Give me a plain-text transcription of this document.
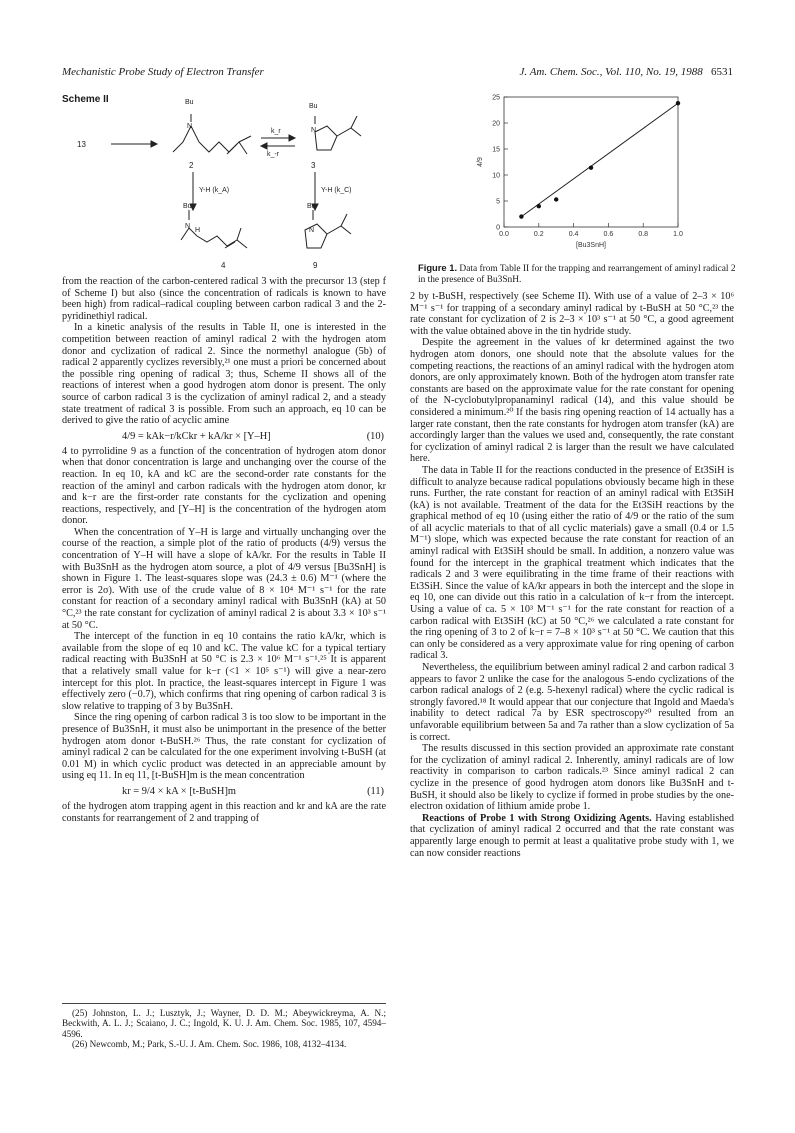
Mechanistic Probe Study of Electron Transfer	J. Am. Chem. Soc., Vol. 110, No. 19, 1988 6531
Scheme II
13
Bu
N
2
k_r
k_-r
Bu
N
3
Y-H (k_A)	Y-H (k_C)
Bu
N
H
4
Bu
N
9
0
5
10
15
20
25
0.0	0.2	0.4	0.6	0.8	1.0
[Bu3SnH]
4/9
Figure 1. Data from Table II for the trapping and rearrangement of aminyl radical 2 in the presence of Bu3SnH.

from the reaction of the carbon-centered radical 3 with the precursor 13 (step f of Scheme I) but also (since the concentration of radicals is known to have been high) from radical–radical coupling between carbon radical 3 and the 2-pyridinethiyl radical.

In a kinetic analysis of the results in Table II, one is interested in the competition between reaction of aminyl radical 2 with the hydrogen atom donor and cyclization of radical 2. Since the normethyl analogue (5b) of radical 2 apparently cyclizes reversibly,²¹ one must a priori be concerned about the possible ring opening of radical 3; thus, Scheme II shows all of the reactions of interest when a good hydrogen atom donor is present. The only source of carbon radical 3 is the cyclization of aminyl radical 2, and a steady state treatment of radical 3 is possible. From such an approach, eq 10 can be derived to give the ratio of acyclic amine

4/9 = kAk−r/kCkr + kA/kr × [Y–H]	(10)

4 to pyrrolidine 9 as a function of the concentration of hydrogen atom donor when that donor concentration is large and unchanging over the course of the reaction. In eq 10, kA and kC are the second-order rate constants for the reaction of the aminyl and carbon radicals with the hydrogen atom donor, kr and k−r are the first-order rate constants for the cyclization and opening reactions, respectively, and [Y–H] is the concentration of the hydrogen atom donor.

When the concentration of Y–H is large and virtually unchanging over the course of the reaction, a simple plot of the ratio of products (4/9) versus the concentration of Y–H will have a slope of kA/kr. For the results in Table II with Bu3SnH as the hydrogen atom source, a plot of 4/9 versus [Bu3SnH] is shown in Figure 1. The least-squares slope was (24.3 ± 0.6) M⁻¹ (where the error is 2σ). With use of the crude value of 8 × 10⁴ M⁻¹ s⁻¹ for the rate constant for reaction of a secondary aminyl radical with Bu3SnH (kA) at 50 °C,²³ the rate constant for cyclization of aminyl radical 2 is about 3.3 × 10³ s⁻¹ at 50 °C.

The intercept of the function in eq 10 contains the ratio kA/kr, which is available from the slope of eq 10 and kC. The value kC for a typical tertiary radical reacting with Bu3SnH at 50 °C is 2.3 × 10⁶ M⁻¹ s⁻¹.²⁵ It is apparent that a relatively small value for k−r (<1 × 10⁵ s⁻¹) will give a near-zero intercept for this plot. In practice, the least-squares intercept in Figure 1 was effectively zero (−0.7), which confirms that ring opening of carbon radical 3 is slow relative to trapping of 3 by Bu3SnH.

Since the ring opening of carbon radical 3 is too slow to be important in the presence of Bu3SnH, it must also be unimportant in the presence of the better hydrogen atom donor t-BuSH.²⁶ Thus, the rate constant for cyclization of aminyl radical 2 can be calculated for the one experiment involving t-BuSH (at 0.01 M) in which cyclic product was detected in an appreciable amount by using eq 11. In eq 11, [t-BuSH]m is the mean concentration

kr = 9/4 × kA × [t-BuSH]m	(11)

of the hydrogen atom trapping agent in this reaction and kr and kA are the rate constants for rearrangement of 2 and trapping of

2 by t-BuSH, respectively (see Scheme II). With use of a value of 2–3 × 10⁶ M⁻¹ s⁻¹ for trapping of a secondary aminyl radical by t-BuSH at 50 °C,²³ the rate constant for cyclization of 2 is 2–3 × 10³ s⁻¹ at 50 °C, a good agreement with the value obtained above in the tin hydride study.

Despite the agreement in the values of kr determined against the two hydrogen atom donors, one should note that the absolute values for the competing reactions, the reactions of an aminyl radical with the hydrogen atom donors, are only approximately known. Both of the hydrogen atom transfer rate constants are based on the approximate value for the rate constant for opening of the N-cyclobutylpropanaminyl radical (14), and this value should be considered a minimum.²⁰ If the basis ring opening reaction of 14 actually has a larger rate constant, then the rate constants for hydrogen atom transfer (kA) are accordingly larger than the values we used and, consequently, the rate constant for cyclization of aminyl radical 2 is larger than the result we have calculated here.

The data in Table II for the reactions conducted in the presence of Et3SiH is difficult to analyze because radical populations obviously became high in these runs. Further, the rate constant for reaction of an aminyl radical with Et3SiH (kA) is not available. Treatment of the data for the Et3SiH reactions by the graphical method of eq 10 (using either the ratio of 4/9 or the ratio of the sum of all acyclic materials to that of all cyclic materials) gave a small (0.4 or 1.5 M⁻¹) slope, which was expected because the rate constant for reaction of an aminyl radical with Et3SiH should be small. In addition, a nonzero value was found for the intercept in the graphical treatment which indicates that the radicals 2 and 3 were equilibrating in the time frame of their reactions with Et3SiH. Since the value of kA/kr appears in both the intercept and the slope in eq 10, one can divide out this ratio in a calculation of k−r from the intercept. Using a value of ca. 5 × 10³ M⁻¹ s⁻¹ for the rate constant for reaction of a carbon radical with Et3SiH (kC) at 50 °C,²⁶ we calculated a rate constant for the ring opening of 3 to 2 of k−r = 7–8 × 10³ s⁻¹ at 50 °C. We caution that this can only be considered as a very approximate value for ring opening of carbon radical 3.

Nevertheless, the equilibrium between aminyl radical 2 and carbon radical 3 appears to favor 2 unlike the case for the analogous 5-endo cyclizations of the carbon radical analogs of 2 (e.g. 5-hexenyl radical) where the cyclic radical is strongly favored.¹⁸ It would appear that our conjecture that Ingold and Maeda's inability to detect radical 7a by ESR spectroscopy²⁰ resulted from an unfavorable equilibrium between 5a and 7a rather than a slow cyclization of 5a is correct.

The results discussed in this section provided an approximate rate constant for the cyclization of aminyl radical 2. Inherently, aminyl radicals are of low reactivity in comparison to carbon radicals.²³ Since aminyl radical 2 can cyclize in the presence of good hydrogen atom donors like Bu3SnH and t-BuSH, it should also be likely to cyclize if formed in probe studies by the one-electron oxidation of lithium amide probe 1.

Reactions of Probe 1 with Strong Oxidizing Agents. Having established that cyclization of aminyl radical 2 occurred and that the rate constant was apparently large enough to permit at least a qualitative probe study with 1, we can now consider reactions

(25) Johnston, L. J.; Lusztyk, J.; Wayner, D. D. M.; Abeywickreyma, A. N.; Beckwith, A. L. J.; Scaiano, J. C.; Ingold, K. U. J. Am. Chem. Soc. 1985, 107, 4594–4596.

(26) Newcomb, M.; Park, S.-U. J. Am. Chem. Soc. 1986, 108, 4132–4134.
